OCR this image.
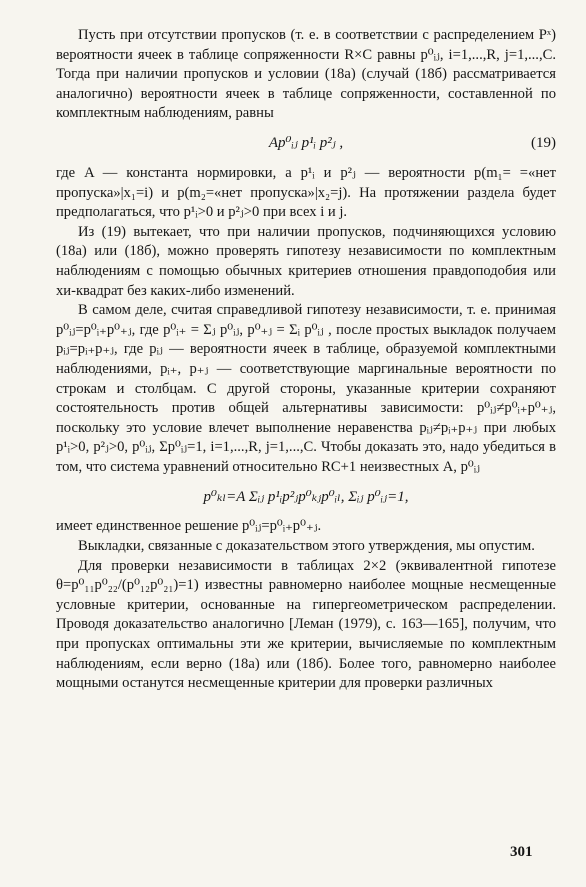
Пусть при отсутствии пропусков (т. е. в соответствии с распределением Pˣ) вероятности ячеек в таблице сопряженности R×C равны p⁰ᵢⱼ, i=1,...,R, j=1,...,C. Тогда при наличии пропусков и условии (18а) (случай (18б) рассматривается аналогично) вероятности ячеек в таблице сопряженности, составленной по комплектным наблюдениям, равны

Ap⁰ᵢⱼ p¹ᵢ p²ⱼ ,	(19)

где A — константа нормировки, а p¹ᵢ и p²ⱼ — вероятности p(m₁= =«нет пропуска»|x₁=i) и p(m₂=«нет пропуска»|x₂=j). На протяжении раздела будет предполагаться, что p¹ᵢ>0 и p²ⱼ>0 при всех i и j.

Из (19) вытекает, что при наличии пропусков, подчиняющихся условию (18а) или (18б), можно проверять гипотезу независимости по комплектным наблюдениям с помощью обычных критериев отношения правдоподобия или хи-квадрат без каких-либо изменений.

В самом деле, считая справедливой гипотезу независимости, т. е. принимая p⁰ᵢⱼ=p⁰ᵢ₊p⁰₊ⱼ, где p⁰ᵢ₊ = Σⱼ p⁰ᵢⱼ, p⁰₊ⱼ = Σᵢ p⁰ᵢⱼ , после простых выкладок получаем pᵢⱼ=pᵢ₊p₊ⱼ, где pᵢⱼ — вероятности ячеек в таблице, образуемой комплектными наблюдениями, pᵢ₊, p₊ⱼ — соответствующие маргинальные вероятности по строкам и столбцам. С другой стороны, указанные критерии сохраняют состоятельность против общей альтернативы зависимости: p⁰ᵢⱼ≠p⁰ᵢ₊p⁰₊ⱼ, поскольку это условие влечет выполнение неравенства pᵢⱼ≠pᵢ₊p₊ⱼ при любых p¹ᵢ>0, p²ⱼ>0, p⁰ᵢⱼ, Σp⁰ᵢⱼ=1, i=1,...,R, j=1,...,C. Чтобы доказать это, надо убедиться в том, что система уравнений относительно RC+1 неизвестных A, p⁰ᵢⱼ

p⁰ₖₗ=A Σᵢⱼ p¹ᵢp²ⱼp⁰ₖⱼp⁰ᵢₗ, Σᵢⱼ p⁰ᵢⱼ=1,

имеет единственное решение p⁰ᵢⱼ=p⁰ᵢ₊p⁰₊ⱼ.

Выкладки, связанные с доказательством этого утверждения, мы опустим.

Для проверки независимости в таблицах 2×2 (эквивалентной гипотезе θ=p⁰₁₁p⁰₂₂/(p⁰₁₂p⁰₂₁)=1) известны равномерно наиболее мощные несмещенные условные критерии, основанные на гипергеометрическом распределении. Проводя доказательство аналогично [Леман (1979), с. 163—165], получим, что при пропусках оптимальны эти же критерии, вычисляемые по комплектным наблюдениям, если верно (18а) или (18б). Более того, равномерно наиболее мощными останутся несмещенные критерии для проверки различных

301
